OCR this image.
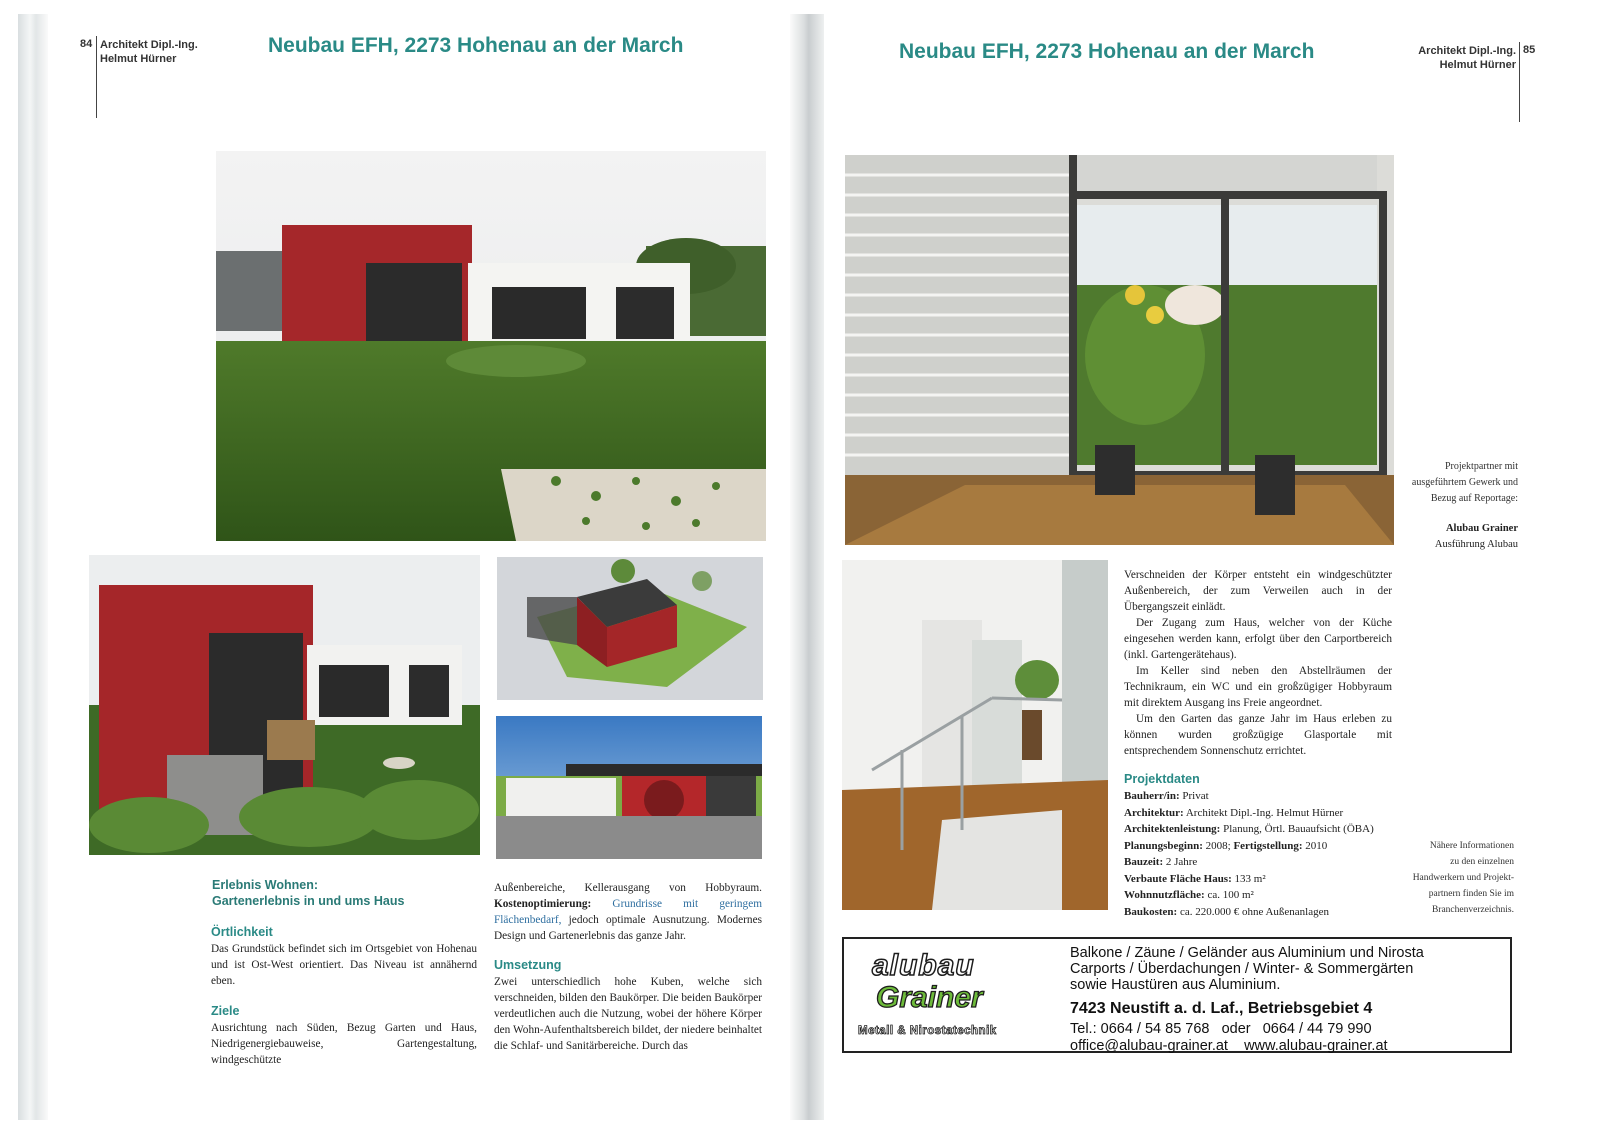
84 Architekt Dipl.-Ing.
Helmut Hürner
Neubau EFH, 2273 Hohenau an der March
Erlebnis Wohnen:
Gartenerlebnis in und ums Haus
Örtlichkeit
Das Grundstück befindet sich im Ortsgebiet von Hohenau und ist Ost-West orientiert. Das Niveau ist annähernd eben.
Ziele
Ausrichtung nach Süden, Bezug Garten und Haus, Niedrigenergiebauweise, Gartengestaltung, windgeschützte
Außenbereiche, Kellerausgang von Hobbyraum. Kostenoptimierung: Grundrisse mit geringem Flächenbedarf, jedoch optimale Ausnutzung. Modernes Design und Gartenerlebnis das ganze Jahr.
Umsetzung
Zwei unterschiedlich hohe Kuben, welche sich verschneiden, bilden den Baukörper. Die beiden Baukörper verdeutlichen auch die Nutzung, wobei der höhere Körper den Wohn-Aufenthaltsbereich bildet, der niedere beinhaltet die Schlaf- und Sanitärbereiche. Durch das
Neubau EFH, 2273 Hohenau an der March	Architekt Dipl.-Ing.
Helmut Hürner
85
Projektpartner mit
ausgeführtem Gewerk und
Bezug auf Reportage:
Alubau Grainer
Ausführung Alubau

Verschneiden der Körper entsteht ein windgeschützter Außenbereich, der zum Verweilen auch in der Übergangszeit einlädt.

Der Zugang zum Haus, welcher von der Küche eingesehen werden kann, erfolgt über den Carportbereich (inkl. Gartengerätehaus).

Im Keller sind neben den Abstellräumen der Technikraum, ein WC und ein großzügiger Hobbyraum mit direktem Ausgang ins Freie angeordnet.

Um den Garten das ganze Jahr im Haus erleben zu können wurden großzügige Glasportale mit entsprechendem Sonnenschutz errichtet.

Projektdaten
Bauherr/in: Privat
Architektur: Architekt Dipl.-Ing. Helmut Hürner
Architektenleistung: Planung, Örtl. Bauaufsicht (ÖBA)
Planungsbeginn: 2008; Fertigstellung: 2010
Bauzeit: 2 Jahre
Verbaute Fläche Haus: 133 m²
Wohnnutzfläche: ca. 100 m²
Baukosten: ca. 220.000 € ohne Außenanlagen
Nähere Informationen
zu den einzelnen
Handwerkern und Projekt-
partnern finden Sie im
Branchenverzeichnis.
alubau
Grainer
Metall & Nirostatechnik
Balkone / Zäune / Geländer aus Aluminium und Nirosta
Carports / Überdachungen / Winter- & Sommergärten
sowie Haustüren aus Aluminium.
7423 Neustift a. d. Laf., Betriebsgebiet 4
Tel.: 0664 / 54 85 768 oder 0664 / 44 79 990
office@alubau-grainer.at www.alubau-grainer.at
